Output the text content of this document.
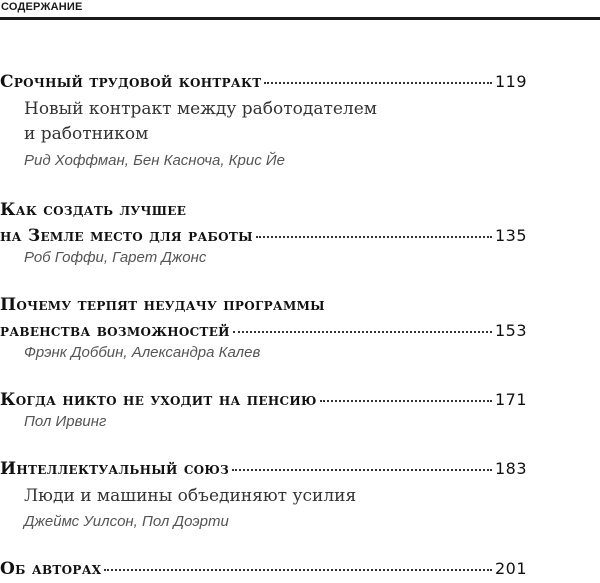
СОДЕРЖАНИЕ
Срочный трудовой контракт	119
Новый контракт между работодателем
и работником
Рид Хоффман, Бен Касноча, Крис Йе
Как создать лучшее
на Земле место для работы	135
Роб Гоффи, Гарет Джонс
Почему терпят неудачу программы
равенства возможностей	153
Фрэнк Доббин, Александра Калев
Когда никто не уходит на пенсию	171
Пол Ирвинг
Интеллектуальный союз	183
Люди и машины объединяют усилия
Джеймс Уилсон, Пол Доэрти
Об авторах	201
